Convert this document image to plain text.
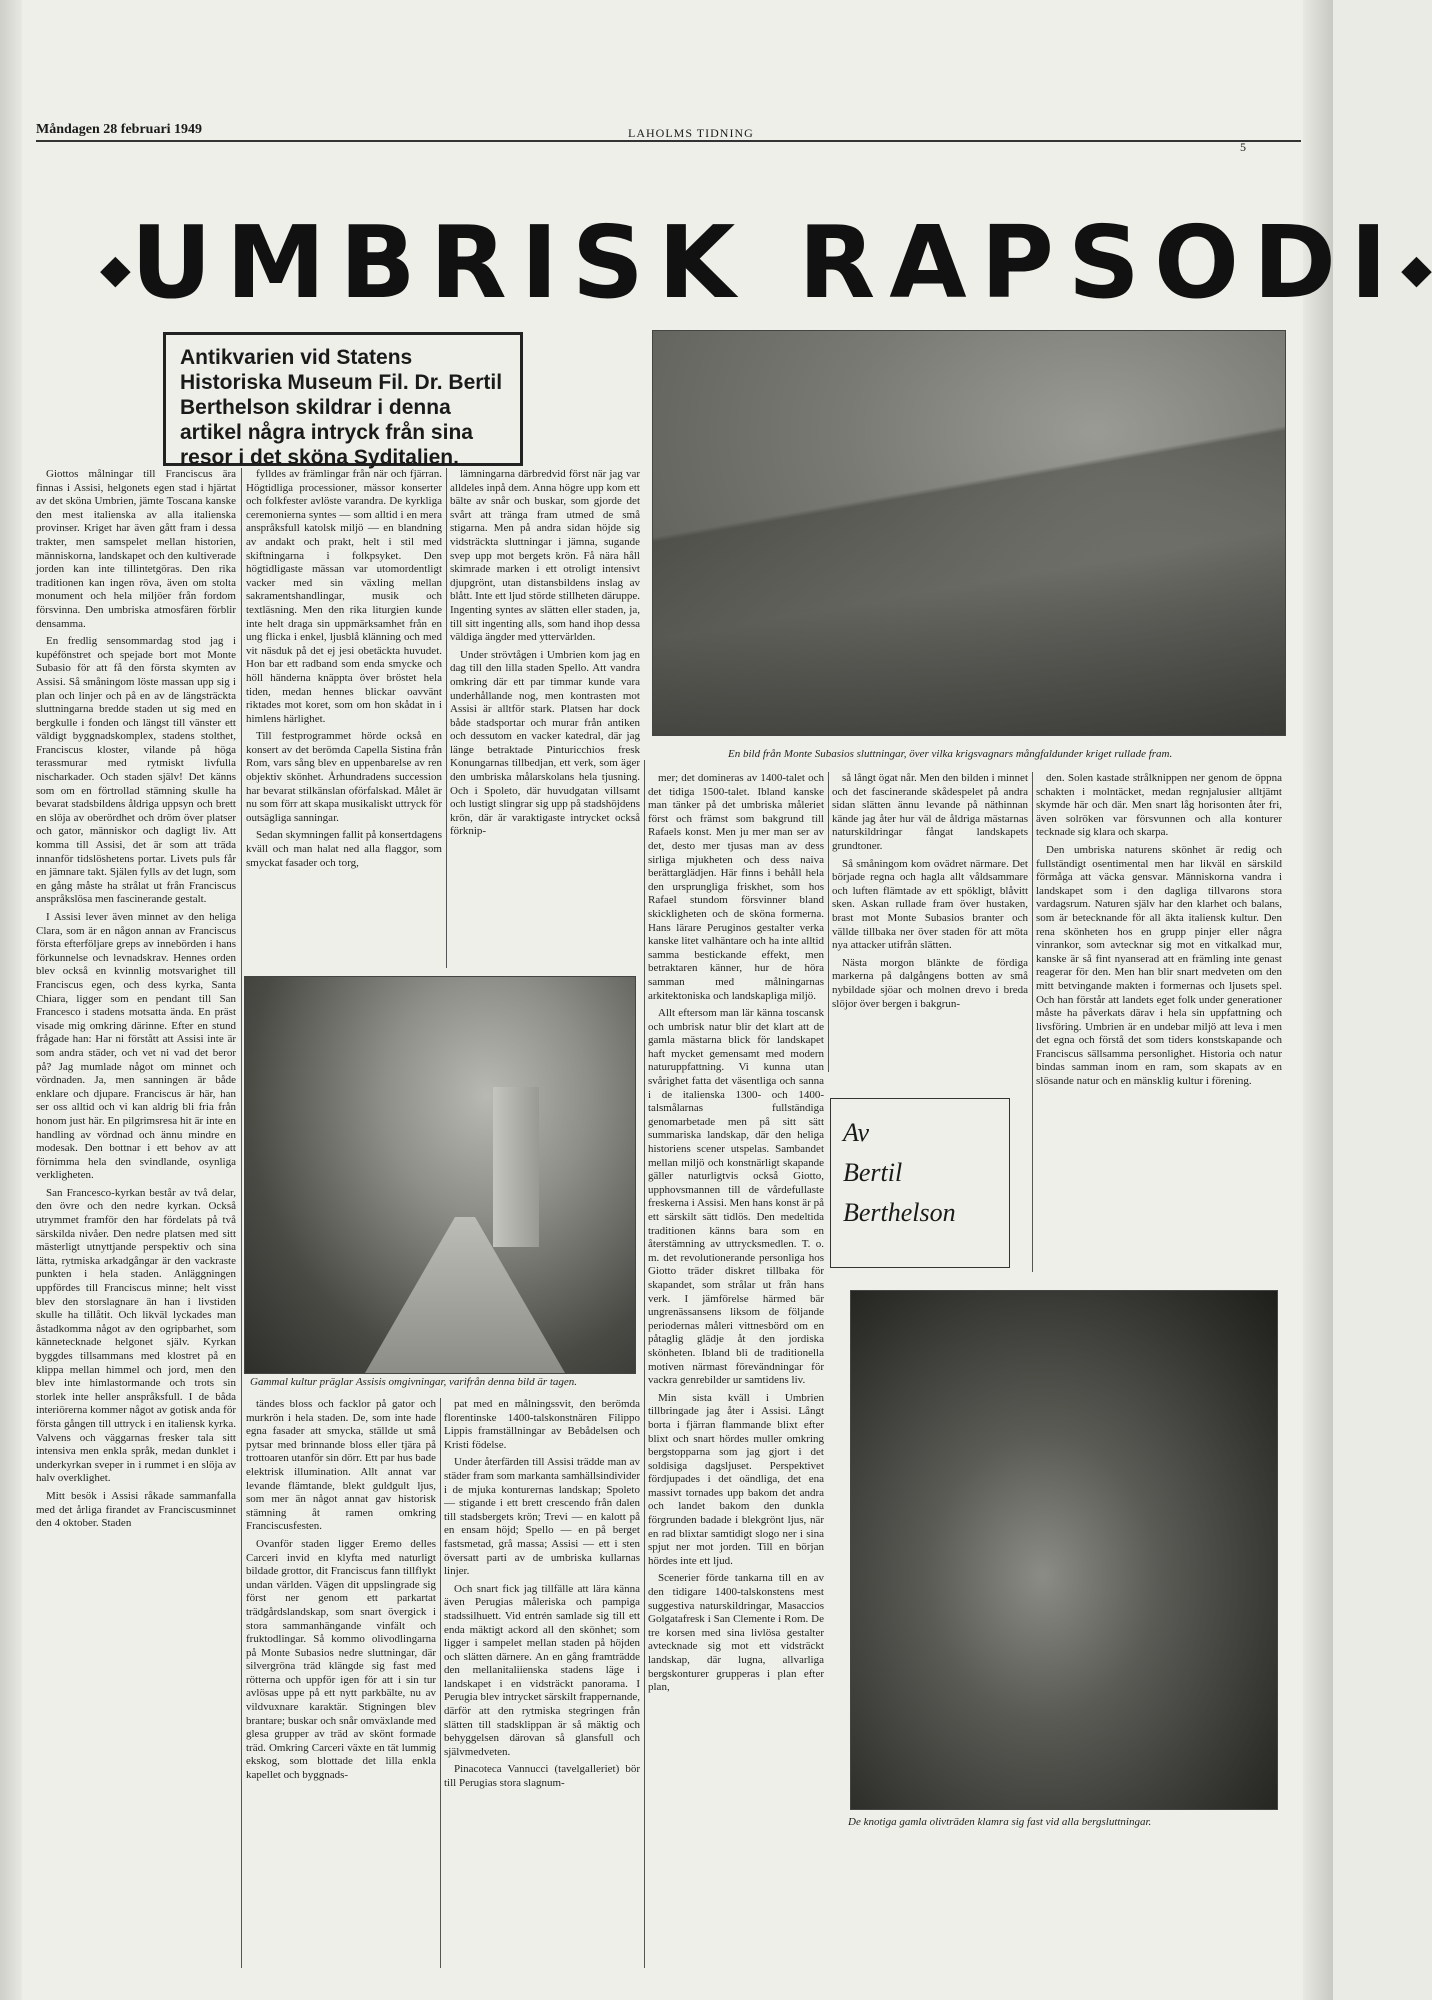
Måndagen 28 februari 1949	LAHOLMS TIDNING
5
◆UMBRISK RAPSODI◆
Antikvarien vid Statens Historiska Museum Fil. Dr. Bertil Berthelson skildrar i denna artikel några intryck från sina resor i det sköna Syditalien.
En bild från Monte Subasios sluttningar, över vilka krigsvagnars mångfaldunder kriget rullade fram.

Giottos målningar till Franciscus ära finnas i Assisi, helgonets egen stad i hjärtat av det sköna Umbrien, jämte Toscana kanske den mest italienska av alla italienska provinser. Kriget har även gått fram i dessa trakter, men samspelet mellan historien, människorna, landskapet och den kultiverade jorden kan inte tillintetgöras. Den rika traditionen kan ingen röva, även om stolta monument och hela miljöer från fordom försvinna. Den umbriska atmosfären förblir densamma.

En fredlig sensommardag stod jag i kupéfönstret och spejade bort mot Monte Subasio för att få den första skymten av Assisi. Så småningom löste massan upp sig i plan och linjer och på en av de längsträckta sluttningarna bredde staden ut sig med en bergkulle i fonden och längst till vänster ett väldigt byggnadskomplex, stadens stolthet, Franciscus kloster, vilande på höga terassmurar med rytmiskt livfulla nischarkader. Och staden själv! Det känns som om en förtrollad stämning skulle ha bevarat stadsbildens åldriga uppsyn och brett en slöja av oberördhet och dröm över platser och gator, människor och dagligt liv. Att komma till Assisi, det är som att träda innanför tidslöshetens portar. Livets puls får en jämnare takt. Själen fylls av det lugn, som en gång måste ha strålat ut från Franciscus anspråkslösa men fascinerande gestalt.

I Assisi lever även minnet av den heliga Clara, som är en någon annan av Franciscus första efterföljare greps av innebörden i hans förkunnelse och levnadskrav. Hennes orden blev också en kvinnlig motsvarighet till Franciscus egen, och dess kyrka, Santa Chiara, ligger som en pendant till San Francesco i stadens motsatta ända. En präst visade mig omkring därinne. Efter en stund frågade han: Har ni förstått att Assisi inte är som andra städer, och vet ni vad det beror på? Jag mumlade något om minnet och vördnaden. Ja, men sanningen är både enklare och djupare. Franciscus är här, han ser oss alltid och vi kan aldrig bli fria från honom just här. En pilgrimsresa hit är inte en handling av vördnad och ännu mindre en modesak. Den bottnar i ett behov av att förnimma hela den svindlande, osynliga verkligheten.

San Francesco-kyrkan består av två delar, den övre och den nedre kyrkan. Också utrymmet framför den har fördelats på två särskilda nivåer. Den nedre platsen med sitt mästerligt utnyttjande perspektiv och sina lätta, rytmiska arkadgångar är den vackraste punkten i hela staden. Anläggningen uppfördes till Franciscus minne; helt visst blev den storslagnare än han i livstiden skulle ha tillåtit. Och likväl lyckades man åstadkomma något av den ogripbarhet, som kännetecknade helgonet själv. Kyrkan byggdes tillsammans med klostret på en klippa mellan himmel och jord, men den blev inte himlastormande och trots sin storlek inte heller anspråksfull. I de båda interiörerna kommer något av gotisk anda för första gången till uttryck i en italiensk kyrka. Valvens och väggarnas fresker tala sitt intensiva men enkla språk, medan dunklet i underkyrkan sveper in i rummet i en slöja av halv overklighet.

Mitt besök i Assisi råkade sammanfalla med det årliga firandet av Franciscusminnet den 4 oktober. Staden

fylldes av främlingar från när och fjärran. Högtidliga processioner, mässor konserter och folkfester avlöste varandra. De kyrkliga ceremonierna syntes — som alltid i en mera anspråksfull katolsk miljö — en blandning av andakt och prakt, helt i stil med skiftningarna i folkpsyket. Den högtidligaste mässan var utomordentligt vacker med sin växling mellan sakramentshandlingar, musik och textläsning. Men den rika liturgien kunde inte helt draga sin uppmärksamhet från en ung flicka i enkel, ljusblå klänning och med vit näsduk på det ej jesi obetäckta huvudet. Hon bar ett radband som enda smycke och höll händerna knäppta över bröstet hela tiden, medan hennes blickar oavvänt riktades mot koret, som om hon skådat in i himlens härlighet.

Till festprogrammet hörde också en konsert av det berömda Capella Sistina från Rom, vars sång blev en uppenbarelse av ren objektiv skönhet. Århundradens succession har bevarat stilkänslan oförfalskad. Målet är nu som förr att skapa musikaliskt uttryck för outsägliga sanningar.

Sedan skymningen fallit på konsertdagens kväll och man halat ned alla flaggor, som smyckat fasader och torg,

lämningarna därbredvid först när jag var alldeles inpå dem. Anna högre upp kom ett bälte av snår och buskar, som gjorde det svårt att tränga fram utmed de små stigarna. Men på andra sidan höjde sig vidsträckta sluttningar i jämna, sugande svep upp mot bergets krön. Få nära håll skimrade marken i ett otroligt intensivt djupgrönt, utan distansbildens inslag av blått. Inte ett ljud störde stillheten däruppe. Ingenting syntes av slätten eller staden, ja, till sitt ingenting alls, som hand ihop dessa väldiga ängder med yttervärlden.

Under strövtågen i Umbrien kom jag en dag till den lilla staden Spello. Att vandra omkring där ett par timmar kunde vara underhållande nog, men kontrasten mot Assisi är alltför stark. Platsen har dock både stadsportar och murar från antiken och dessutom en vacker katedral, där jag länge betraktade Pinturicchios fresk Konungarnas tillbedjan, ett verk, som äger den umbriska målarskolans hela tjusning. Och i Spoleto, där huvudgatan villsamt och lustigt slingrar sig upp på stadshöjdens krön, där är varaktigaste intrycket också förknip-

Gammal kultur präglar Assisis omgivningar, varifrån denna bild är tagen.

tändes bloss och facklor på gator och murkrön i hela staden. De, som inte hade egna fasader att smycka, ställde ut små pytsar med brinnande bloss eller tjära på trottoaren utanför sin dörr. Ett par hus bade elektrisk illumination. Allt annat var levande flämtande, blekt guldgult ljus, som mer än något annat gav historisk stämning åt ramen omkring Franciscusfesten.

Ovanför staden ligger Eremo delles Carceri invid en klyfta med naturligt bildade grottor, dit Franciscus fann tillflykt undan världen. Vägen dit uppslingrade sig först ner genom ett parkartat trädgårdslandskap, som snart övergick i stora sammanhängande vinfält och fruktodlingar. Så kommo olivodlingarna på Monte Subasios nedre sluttningar, där silvergröna träd klängde sig fast med rötterna och uppför igen för att i sin tur avlösas uppe på ett nytt parkbälte, nu av vildvuxnare karaktär. Stigningen blev brantare; buskar och snår omväxlande med glesa grupper av träd av skönt formade träd. Omkring Carceri växte en tät lummig ekskog, som blottade det lilla enkla kapellet och byggnads-

pat med en målningssvit, den berömda florentinske 1400-talskonstnären Filippo Lippis framställningar av Bebådelsen och Kristi födelse.

Under återfärden till Assisi trädde man av städer fram som markanta samhällsindivider i de mjuka konturernas landskap; Spoleto — stigande i ett brett crescendo från dalen till stadsbergets krön; Trevi — en kalott på en ensam höjd; Spello — en på berget fastsmetad, grå massa; Assisi — ett i sten översatt parti av de umbriska kullarnas linjer.

Och snart fick jag tillfälle att lära känna även Perugias måleriska och pampiga stadssilhuett. Vid entrén samlade sig till ett enda mäktigt ackord all den skönhet; som ligger i sampelet mellan staden på höjden och slätten därnere. An en gång framträdde den mellanitaliienska stadens läge i landskapet i en vidsträckt panorama. I Perugia blev intrycket särskilt frappernande, därför att den rytmiska stegringen från slätten till stadsklippan är så mäktig och behyggelsen därovan så glansfull och självmedveten.

Pinacoteca Vannucci (tavelgalleriet) bör till Perugias stora slagnum-

mer; det domineras av 1400-talet och det tidiga 1500-talet. Ibland kanske man tänker på det umbriska måleriet först och främst som bakgrund till Rafaels konst. Men ju mer man ser av det, desto mer tjusas man av dess sirliga mjukheten och dess naiva berättarglädjen. Här finns i behåll hela den ursprungliga friskhet, som hos Rafael stundom försvinner bland skickligheten och de sköna formerna. Hans lärare Peruginos gestalter verka kanske litet valhäntare och ha inte alltid samma bestickande effekt, men betraktaren känner, hur de höra samman med målningarnas arkitektoniska och landskapliga miljö.

Allt eftersom man lär känna toscansk och umbrisk natur blir det klart att de gamla mästarna blick för landskapet haft mycket gemensamt med modern naturuppfattning. Vi kunna utan svårighet fatta det väsentliga och sanna i de italienska 1300- och 1400-talsmålarnas fullständiga genomarbetade men på sitt sätt summariska landskap, där den heliga historiens scener utspelas. Sambandet mellan miljö och konstnärligt skapande gäller naturligtvis också Giotto, upphovsmannen till de vårdefullaste freskerna i Assisi. Men hans konst är på ett särskilt sätt tidlös. Den medeltida traditionen känns bara som en återstämning av uttrycksmedlen. T. o. m. det revolutionerande personliga hos Giotto träder diskret tillbaka för skapandet, som strålar ut från hans verk. I jämförelse härmed bär ungrenässansens liksom de följande periodernas måleri vittnesbörd om en påtaglig glädje åt den jordiska skönheten. Ibland bli de traditionella motiven närmast förevändningar för vackra genrebilder ur samtidens liv.

Min sista kväll i Umbrien tillbringade jag åter i Assisi. Långt borta i fjärran flammande blixt efter blixt och snart hördes muller omkring bergstopparna som jag gjort i det soldisiga dagsljuset. Perspektivet fördjupades i det oändliga, det ena massivt tornades upp bakom det andra och landet bakom den dunkla förgrunden badade i blekgrönt ljus, när en rad blixtar samtidigt slogo ner i sina spjut ner mot jorden. Till en början hördes inte ett ljud.

Scenerier förde tankarna till en av den tidigare 1400-talskonstens mest suggestiva naturskildringar, Masaccios Golgatafresk i San Clemente i Rom. De tre korsen med sina livlösa gestalter avtecknade sig mot ett vidsträckt landskap, där lugna, allvarliga bergskonturer grupperas i plan efter plan,

så långt ögat når. Men den bilden i minnet och det fascinerande skådespelet på andra sidan slätten ännu levande på näthinnan kände jag åter hur väl de åldriga mästarnas naturskildringar fångat landskapets grundtoner.

Så småningom kom ovädret närmare. Det började regna och hagla allt våldsammare och luften flämtade av ett spökligt, blåvitt sken. Askan rullade fram över hustaken, brast mot Monte Subasios branter och vällde tillbaka ner över staden för att möta nya attacker utifrån slätten.

Nästa morgon blänkte de fördiga markerna på dalgångens botten av små nybildade sjöar och molnen drevo i breda slöjor över bergen i bakgrun-

Av
Bertil
Berthelson

den. Solen kastade strålknippen ner genom de öppna schakten i molntäcket, medan regnjalusier alltjämt skymde här och där. Men snart låg horisonten åter fri, även solröken var försvunnen och alla konturer tecknade sig klara och skarpa.

Den umbriska naturens skönhet är redig och fullständigt osentimental men har likväl en särskild förmåga att väcka gensvar. Människorna vandra i landskapet som i den dagliga tillvarons stora vardagsrum. Naturen själv har den klarhet och balans, som är betecknande för all äkta italiensk kultur. Den rena skönheten hos en grupp pinjer eller några vinrankor, som avtecknar sig mot en vitkalkad mur, kanske är så fint nyanserad att en främling inte genast reagerar för den. Men han blir snart medveten om den mitt betvingande makten i formernas och ljusets spel. Och han förstår att landets eget folk under generationer måste ha påverkats därav i hela sin uppfattning och livsföring. Umbrien är en undebar miljö att leva i men det egna och förstå det som tiders konstskapande och Franciscus sällsamma personlighet. Historia och natur bindas samman inom en ram, som skapats av en slösande natur och en mänsklig kultur i förening.

De knotiga gamla olivträden klamra sig fast vid alla bergsluttningar.
